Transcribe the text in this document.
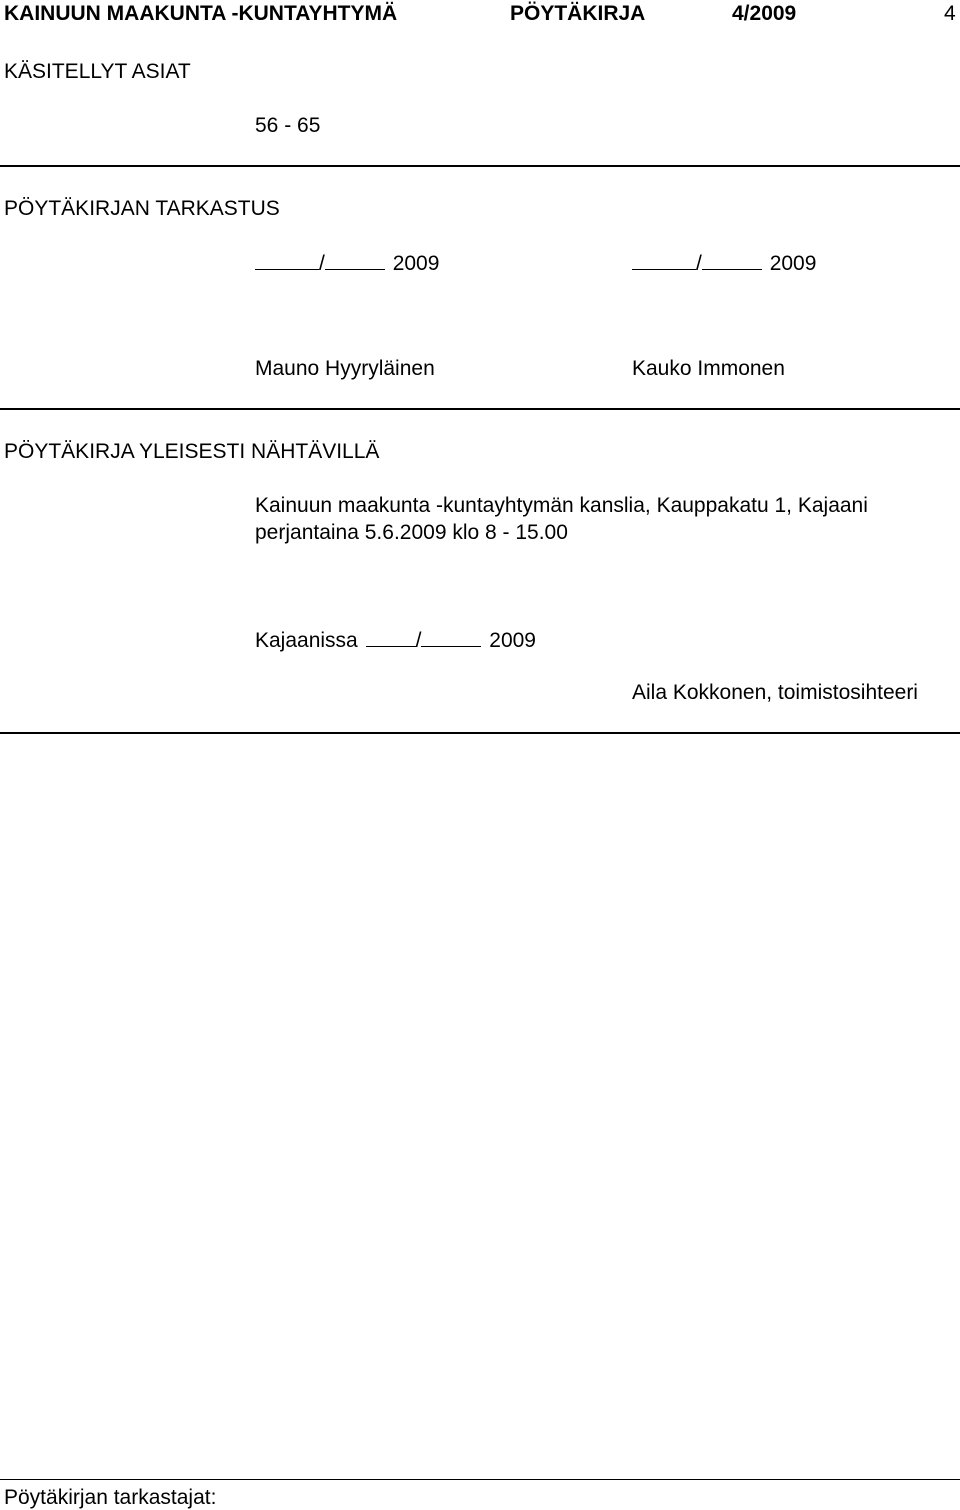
KAINUUN MAAKUNTA -KUNTAYHTYMÄ	PÖYTÄKIRJA	4/2009	4
KÄSITELLYT ASIAT
56 - 65
PÖYTÄKIRJAN TARKASTUS
/	2009	/	2009
Mauno Hyyryläinen	Kauko Immonen
PÖYTÄKIRJA YLEISESTI NÄHTÄVILLÄ
Kainuun maakunta -kuntayhtymän kanslia, Kauppakatu 1, Kajaani
perjantaina 5.6.2009 klo 8 - 15.00
Kajaanissa	/	2009
Aila Kokkonen, toimistosihteeri
Pöytäkirjan tarkastajat:
